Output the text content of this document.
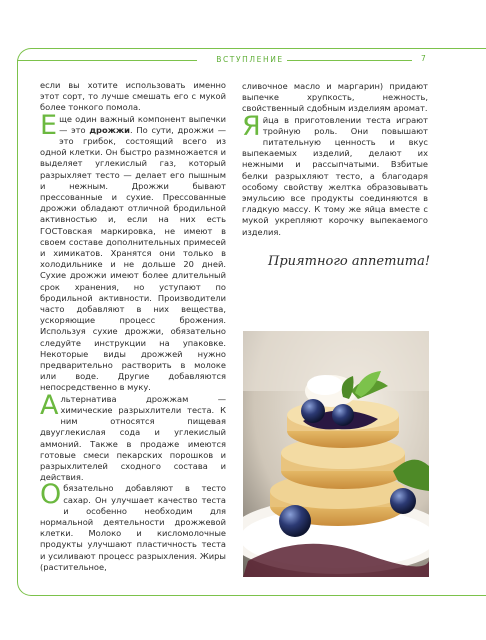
ВСТУПЛЕНИЕ	7

если вы хотите использовать именно этот сорт, то лучше смешать его с мукой более тонкого помола.

Еще один важный компонент выпечки — это дрожжи. По сути, дрожжи — это грибок, состоящий всего из одной клетки. Он быстро размножается и выделяет углекислый газ, который разрыхляет тесто — делает его пышным и нежным. Дрожжи бывают прессованные и сухие. Прессованные дрожжи обладают отличной бродильной активностью и, если на них есть ГОСТовская маркировка, не имеют в своем составе дополнительных примесей и химикатов. Хранятся они только в холодильнике и не дольше 20 дней. Сухие дрожжи имеют более длительный срок хранения, но уступают по бродильной активности. Производители часто добавляют в них вещества, ускоряющие процесс брожения. Используя сухие дрожжи, обязательно следуйте инструкции на упаковке. Некоторые виды дрожжей нужно предварительно растворить в молоке или воде. Другие добавляются непосредственно в муку.

Альтернатива дрожжам — химические разрыхлители теста. К ним относятся пищевая двууглекислая сода и углекислый аммоний. Также в продаже имеются готовые смеси пекарских порошков и разрыхлителей сходного состава и действия.

Обязательно добавляют в тесто сахар. Он улучшает качество теста и особенно необходим для нормальной деятельности дрожжевой клетки. Молоко и кисломолочные продукты улучшают пластичность теста и усиливают процесс разрыхления. Жиры (растительное,

сливочное масло и маргарин) придают выпечке хрупкость, нежность, свойственный сдобным изделиям аромат.

Яйца в приготовлении теста играют тройную роль. Они повышают питательную ценность и вкус выпекаемых изделий, делают их нежными и рассыпчатыми. Взбитые белки разрыхляют тесто, а благодаря особому свойству желтка образовывать эмульсию все продукты соединяются в гладкую массу. К тому же яйца вместе с мукой укрепляют корочку выпекаемого изделия.

Приятного аппетита!
